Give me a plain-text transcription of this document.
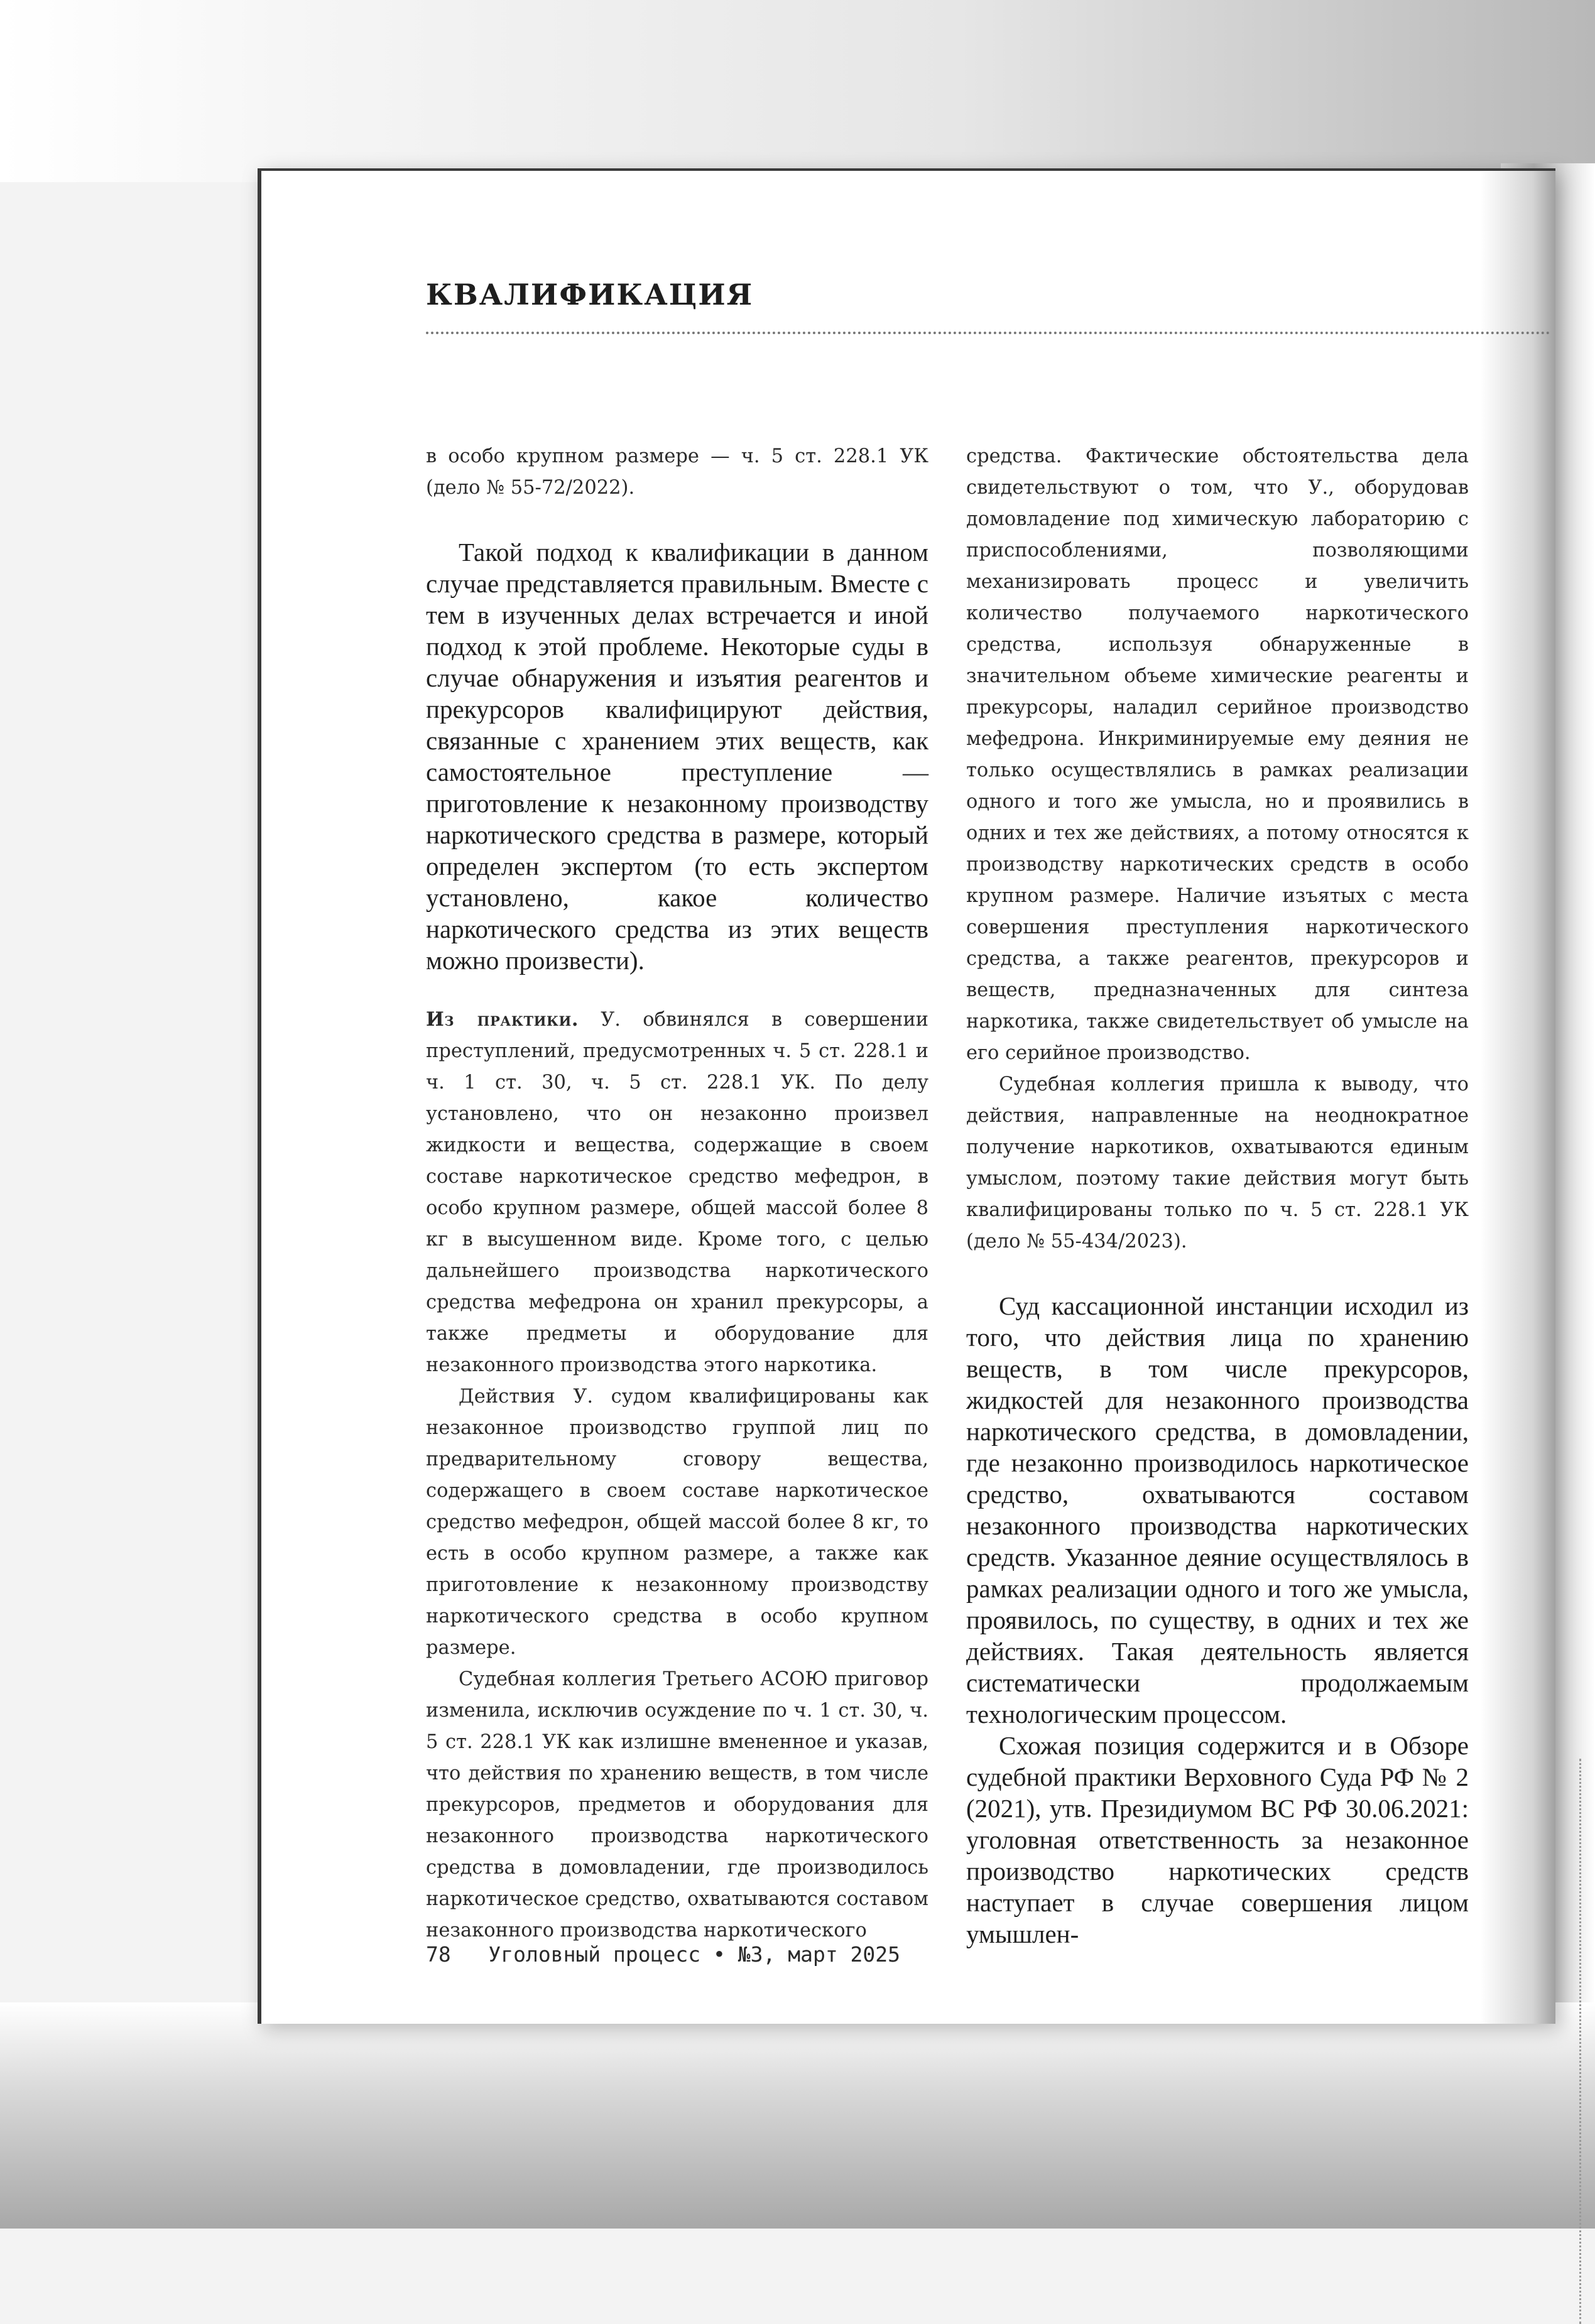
КВАЛИФИКАЦИЯ

в особо крупном размере — ч. 5 ст. 228.1 УК (дело № 55-72/2022).

Такой подход к квалификации в данном случае представляется правильным. Вместе с тем в изученных делах встречается и иной подход к этой проблеме. Некоторые суды в случае обнаружения и изъятия реагентов и прекурсоров квалифицируют действия, связанные с хранением этих веществ, как самостоятельное преступление — приготовление к незаконному производству наркотического средства в размере, который определен экспертом (то есть экспертом установлено, какое количество наркотического средства из этих веществ можно произвести).

Из практики. У. обвинялся в совершении преступлений, предусмотренных ч. 5 ст. 228.1 и ч. 1 ст. 30, ч. 5 ст. 228.1 УК. По делу установлено, что он незаконно произвел жидкости и вещества, содержащие в своем составе наркотическое средство мефедрон, в особо крупном размере, общей массой более 8 кг в высушенном виде. Кроме того, с целью дальнейшего производства наркотического средства мефедрона он хранил прекурсоры, а также предметы и оборудование для незаконного производства этого наркотика.

Действия У. судом квалифицированы как незаконное производство группой лиц по предварительному сговору вещества, содержащего в своем составе наркотическое средство мефедрон, общей массой более 8 кг, то есть в особо крупном размере, а также как приготовление к незаконному производству наркотического средства в особо крупном размере.

Судебная коллегия Третьего АСОЮ приговор изменила, исключив осуждение по ч. 1 ст. 30, ч. 5 ст. 228.1 УК как излишне вмененное и указав, что действия по хранению веществ, в том числе прекурсоров, предметов и оборудования для незаконного производства наркотического средства в домовладении, где производилось наркотическое средство, охватываются составом незаконного производства наркотического

средства. Фактические обстоятельства дела свидетельствуют о том, что У., оборудовав домовладение под химическую лабораторию с приспособлениями, позволяющими механизировать процесс и увеличить количество получаемого наркотического средства, используя обнаруженные в значительном объеме химические реагенты и прекурсоры, наладил серийное производство мефедрона. Инкриминируемые ему деяния не только осуществлялись в рамках реализации одного и того же умысла, но и проявились в одних и тех же действиях, а потому относятся к производству наркотических средств в особо крупном размере. Наличие изъятых с места совершения преступления наркотического средства, а также реагентов, прекурсоров и веществ, предназначенных для синтеза наркотика, также свидетельствует об умысле на его серийное производство.

Судебная коллегия пришла к выводу, что действия, направленные на неоднократное получение наркотиков, охватываются единым умыслом, поэтому такие действия могут быть квалифицированы только по ч. 5 ст. 228.1 УК (дело № 55-434/2023).

Суд кассационной инстанции исходил из того, что действия лица по хранению веществ, в том числе прекурсоров, жидкостей для незаконного производства наркотического средства, в домовладении, где незаконно производилось наркотическое средство, охватываются составом незаконного производства наркотических средств. Указанное деяние осуществлялось в рамках реализации одного и того же умысла, проявилось, по существу, в одних и тех же действиях. Такая деятельность является систематически продолжаемым технологическим процессом.

Схожая позиция содержится и в Обзоре судебной практики Верховного Суда РФ № 2 (2021), утв. Президиумом ВС РФ 30.06.2021: уголовная ответственность за незаконное производство наркотических средств наступает в случае совершения лицом умышлен-

78 Уголовный процесс • №3, март 2025
